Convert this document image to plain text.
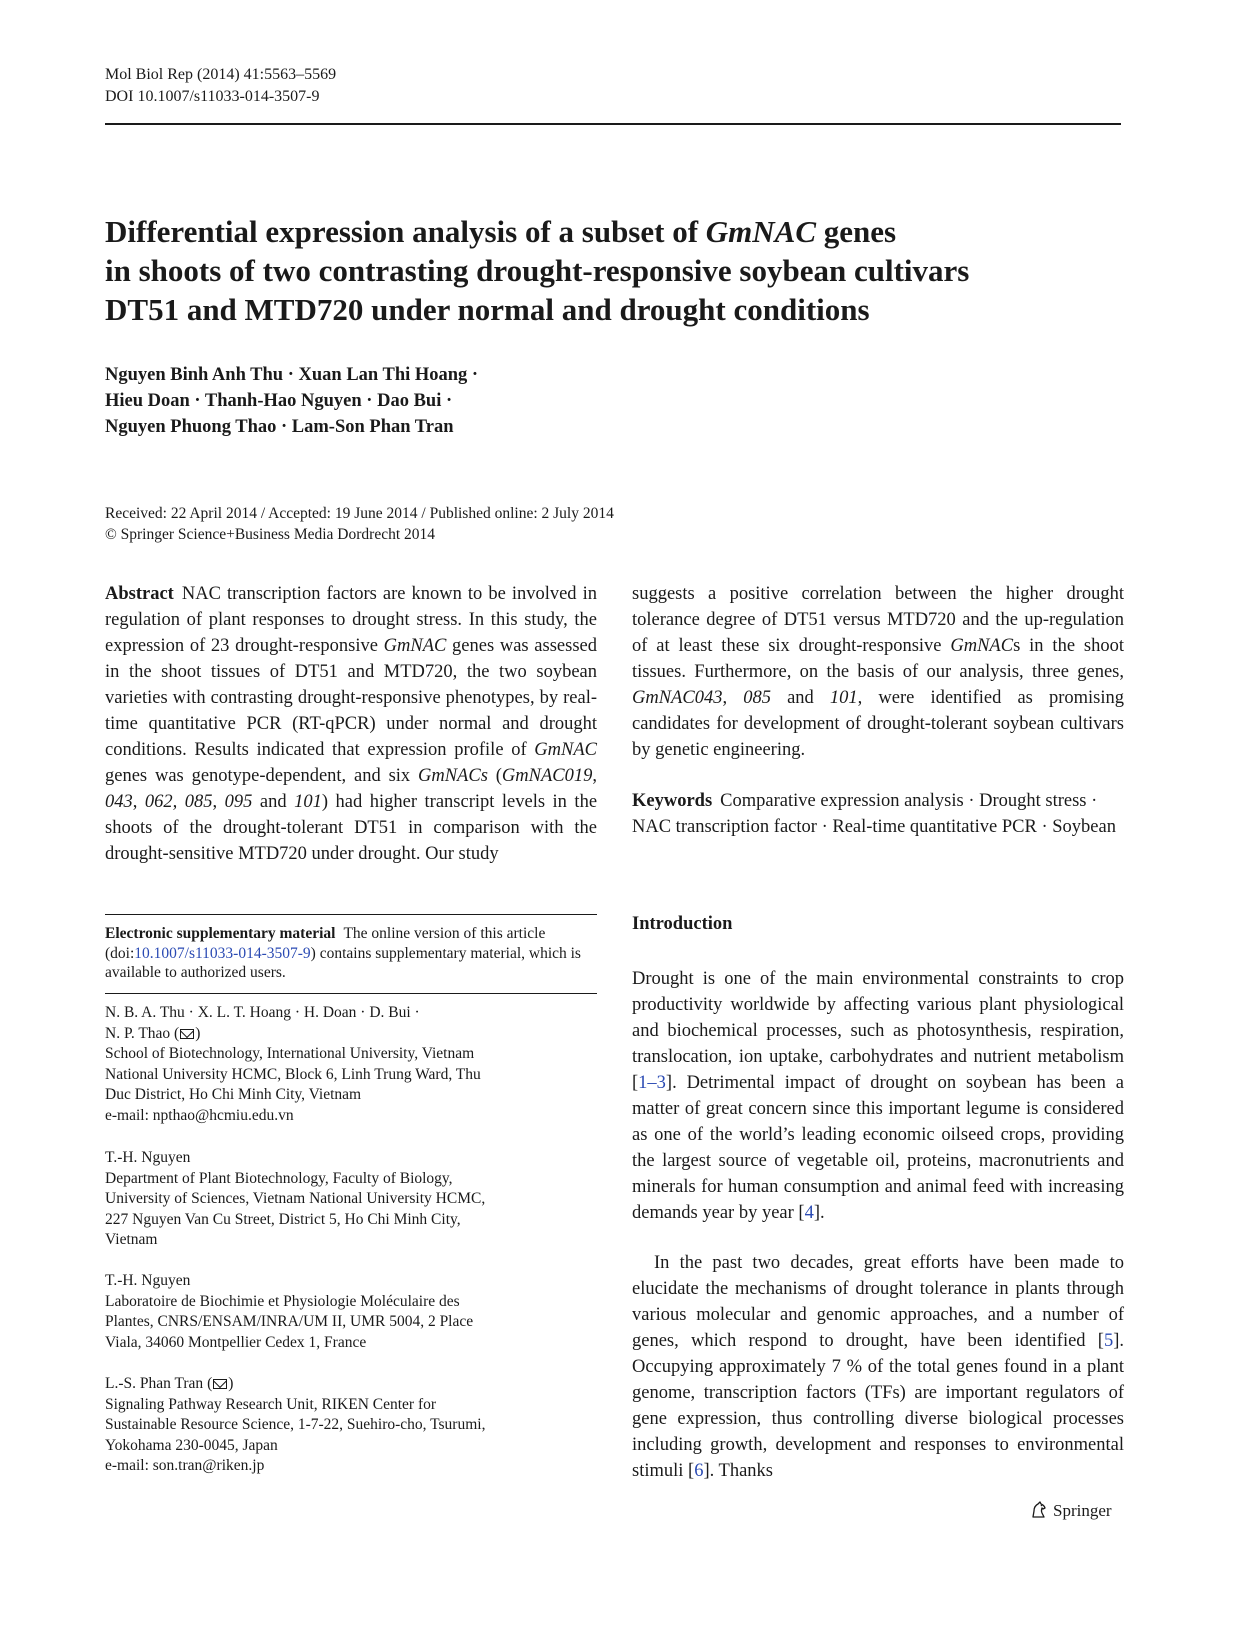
Mol Biol Rep (2014) 41:5563–5569
DOI 10.1007/s11033-014-3507-9
Differential expression analysis of a subset of GmNAC genes
in shoots of two contrasting drought-responsive soybean cultivars
DT51 and MTD720 under normal and drought conditions
Nguyen Binh Anh Thu · Xuan Lan Thi Hoang ·
Hieu Doan · Thanh-Hao Nguyen · Dao Bui ·
Nguyen Phuong Thao · Lam-Son Phan Tran
Received: 22 April 2014 / Accepted: 19 June 2014 / Published online: 2 July 2014
© Springer Science+Business Media Dordrecht 2014
Abstract NAC transcription factors are known to be involved in regulation of plant responses to drought stress. In this study, the expression of 23 drought-responsive GmNAC genes was assessed in the shoot tissues of DT51 and MTD720, the two soybean varieties with contrasting drought-responsive phenotypes, by real-time quantitative PCR (RT-qPCR) under normal and drought conditions. Results indicated that expression profile of GmNAC genes was genotype-dependent, and six GmNACs (GmNAC019, 043, 062, 085, 095 and 101) had higher transcript levels in the shoots of the drought-tolerant DT51 in comparison with the drought-sensitive MTD720 under drought. Our study
suggests a positive correlation between the higher drought tolerance degree of DT51 versus MTD720 and the up-regulation of at least these six drought-responsive GmNACs in the shoot tissues. Furthermore, on the basis of our analysis, three genes, GmNAC043, 085 and 101, were identified as promising candidates for development of drought-tolerant soybean cultivars by genetic engineering.
Keywords Comparative expression analysis · Drought stress · NAC transcription factor · Real-time quantitative PCR · Soybean
Electronic supplementary material The online version of this article (doi:10.1007/s11033-014-3507-9) contains supplementary material, which is available to authorized users.
N. B. A. Thu · X. L. T. Hoang · H. Doan · D. Bui ·
N. P. Thao ( )
School of Biotechnology, International University, Vietnam
National University HCMC, Block 6, Linh Trung Ward, Thu
Duc District, Ho Chi Minh City, Vietnam
e-mail: npthao@hcmiu.edu.vn
T.-H. Nguyen
Department of Plant Biotechnology, Faculty of Biology,
University of Sciences, Vietnam National University HCMC,
227 Nguyen Van Cu Street, District 5, Ho Chi Minh City,
Vietnam
T.-H. Nguyen
Laboratoire de Biochimie et Physiologie Moléculaire des
Plantes, CNRS/ENSAM/INRA/UM II, UMR 5004, 2 Place
Viala, 34060 Montpellier Cedex 1, France
L.-S. Phan Tran ( )
Signaling Pathway Research Unit, RIKEN Center for
Sustainable Resource Science, 1-7-22, Suehiro-cho, Tsurumi,
Yokohama 230-0045, Japan
e-mail: son.tran@riken.jp
Introduction
Drought is one of the main environmental constraints to crop productivity worldwide by affecting various plant physiological and biochemical processes, such as photosynthesis, respiration, translocation, ion uptake, carbohydrates and nutrient metabolism [1–3]. Detrimental impact of drought on soybean has been a matter of great concern since this important legume is considered as one of the world’s leading economic oilseed crops, providing the largest source of vegetable oil, proteins, macronutrients and minerals for human consumption and animal feed with increasing demands year by year [4].
In the past two decades, great efforts have been made to elucidate the mechanisms of drought tolerance in plants through various molecular and genomic approaches, and a number of genes, which respond to drought, have been identified [5]. Occupying approximately 7 % of the total genes found in a plant genome, transcription factors (TFs) are important regulators of gene expression, thus controlling diverse biological processes including growth, development and responses to environmental stimuli [6]. Thanks
Springer
